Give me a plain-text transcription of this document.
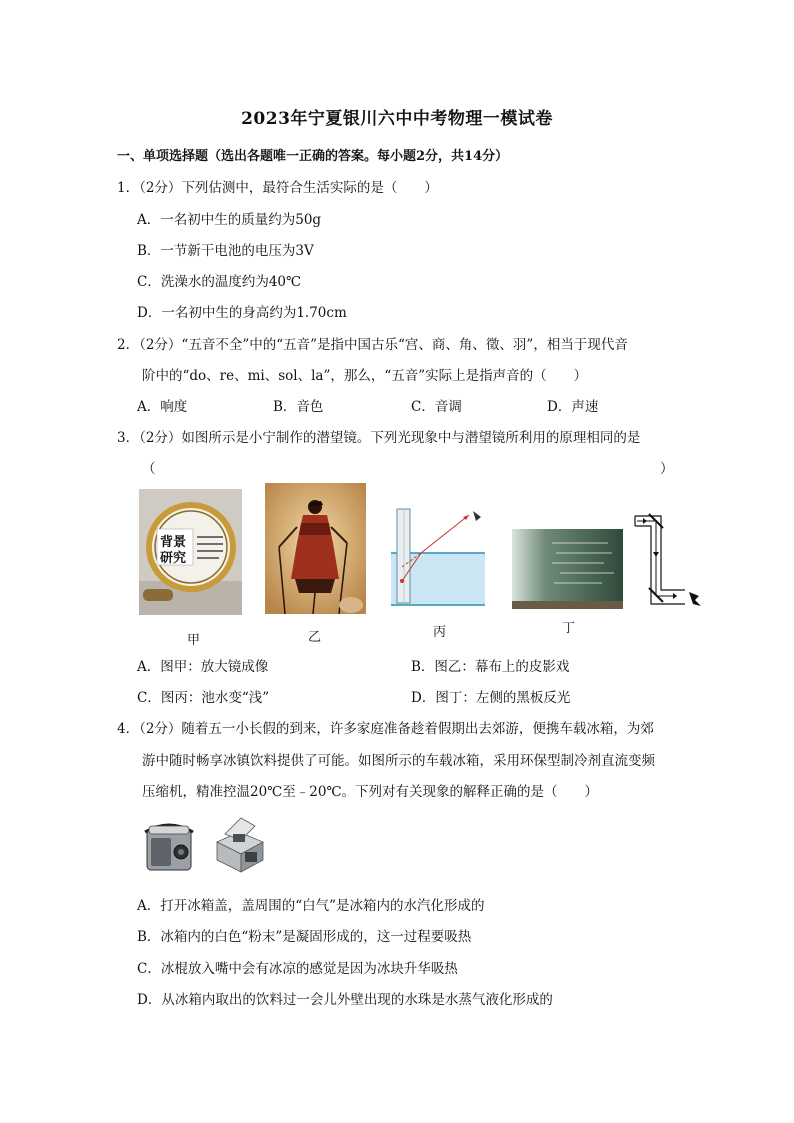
2023年宁夏银川六中中考物理一模试卷
一、单项选择题（选出各题唯一正确的答案。每小题2分，共14分）
1．（2分）下列估测中，最符合生活实际的是（　　）
A．一名初中生的质量约为50g
B．一节新干电池的电压为3V
C．洗澡水的温度约为40℃
D．一名初中生的身高约为1.70cm
2．（2分）“五音不全”中的“五音”是指中国古乐“宫、商、角、徵、羽”，相当于现代音
阶中的“do、re、mi、sol、la”，那么，“五音”实际上是指声音的（　　）
A．响度	B．音色	C．音调	D．声速
3．（2分）如图所示是小宁制作的潜望镜。下列光现象中与潜望镜所利用的原理相同的是
（	）
背景
研究
甲	乙	丙	丁
A．图甲：放大镜成像	B．图乙：幕布上的皮影戏
C．图丙：池水变“浅”	D．图丁：左侧的黑板反光
4．（2分）随着五一小长假的到来，许多家庭准备趁着假期出去郊游，便携车载冰箱，为郊
游中随时畅享冰镇饮料提供了可能。如图所示的车载冰箱，采用环保型制冷剂直流变频
压缩机，精准控温20℃至﹣20℃。下列对有关现象的解释正确的是（　　）
A．打开冰箱盖，盖周围的“白气”是冰箱内的水汽化形成的
B．冰箱内的白色“粉末”是凝固形成的，这一过程要吸热
C．冰棍放入嘴中会有冰凉的感觉是因为冰块升华吸热
D．从冰箱内取出的饮料过一会儿外壁出现的水珠是水蒸气液化形成的
